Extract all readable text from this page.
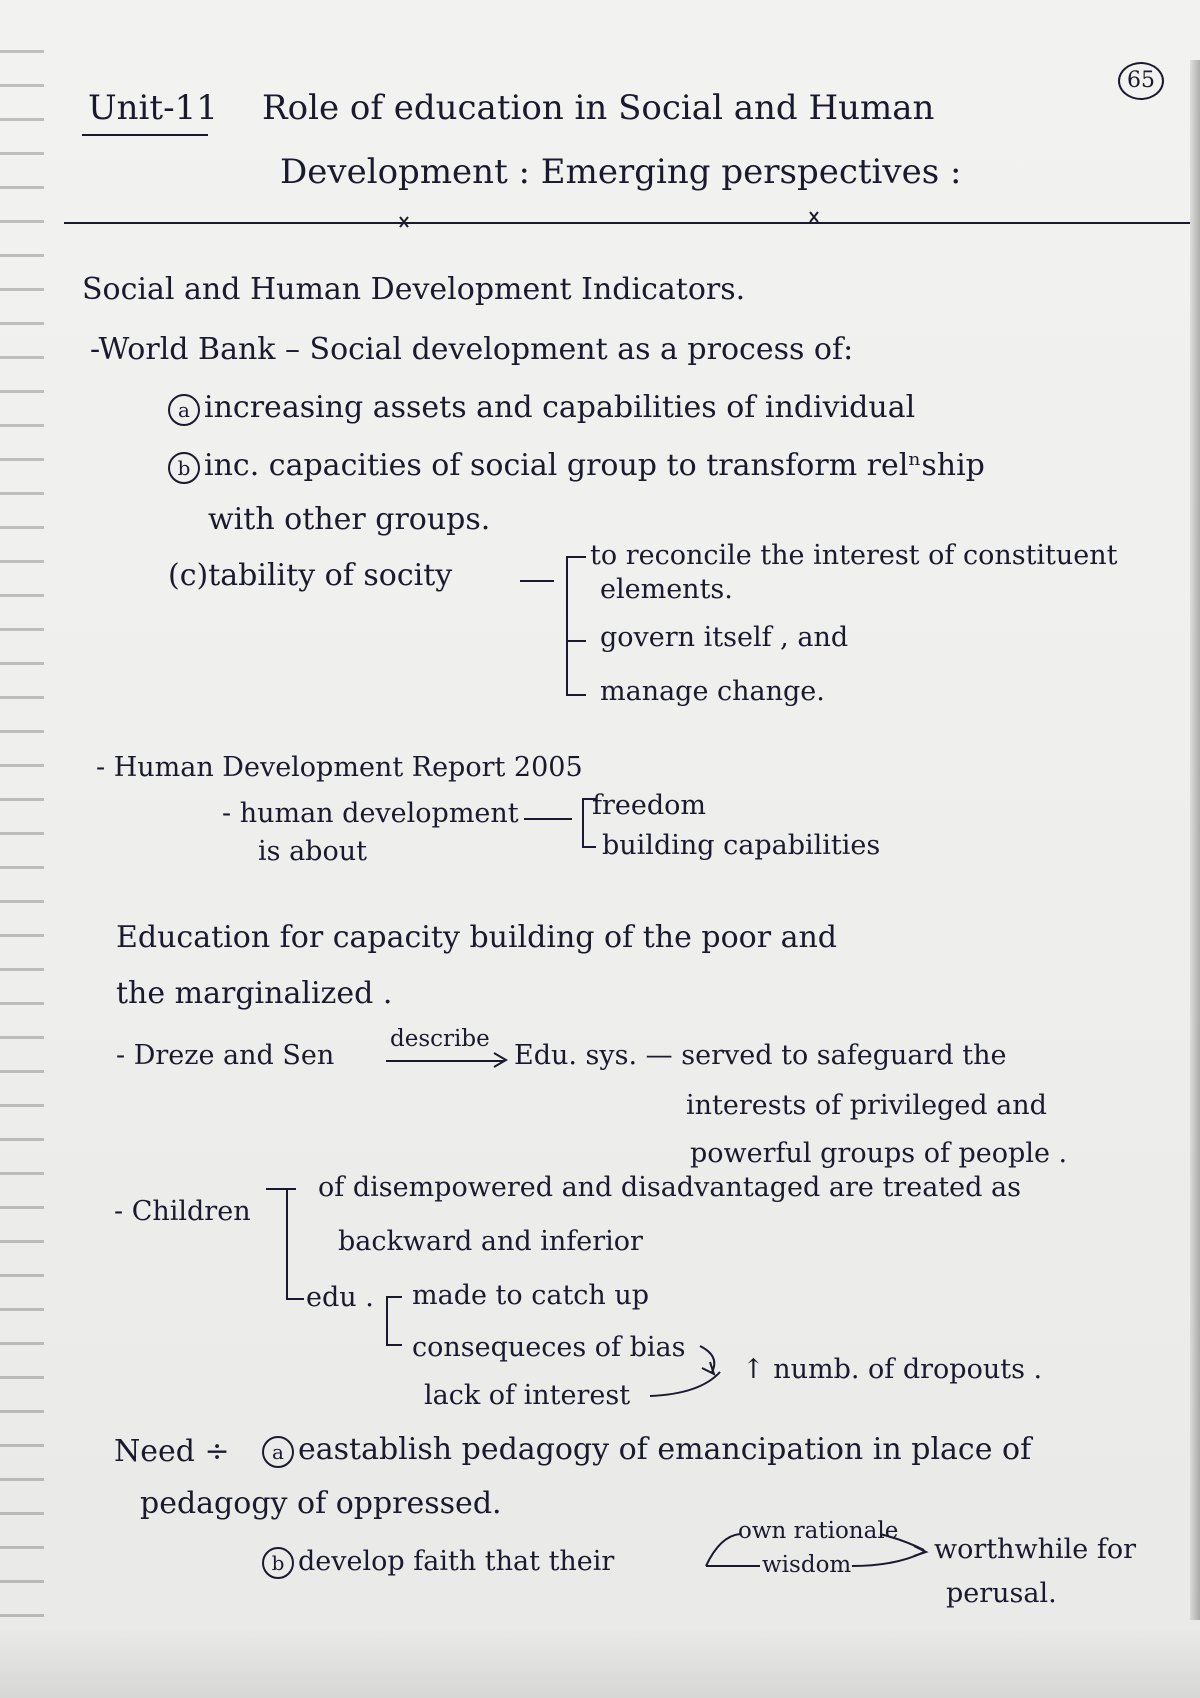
65
Unit-11 Role of education in Social and Human
Development : Emerging perspectives :
Social and Human Development Indicators.
-World Bank – Social development as a process of:
a increasing assets and capabilities of individual
b inc. capacities of social group to transform relⁿship
with other groups.
(c)tability of socity
to reconcile the interest of constituent
elements.
govern itself , and
manage change.
- Human Development Report 2005
- human development
is about
freedom
building capabilities
Education for capacity building of the poor and
the marginalized .
- Dreze and Sen
describe
Edu. sys. — served to safeguard the
interests of privileged and
powerful groups of people .
- Children
of disempowered and disadvantaged are treated as
backward and inferior
edu . made to catch up
consequeces of bias
lack of interest
↑ numb. of dropouts .
Need ÷	a eastablish pedagogy of emancipation in place of
pedagogy of oppressed.
b develop faith that their
own rationale
wisdom	worthwhile for
perusal.
